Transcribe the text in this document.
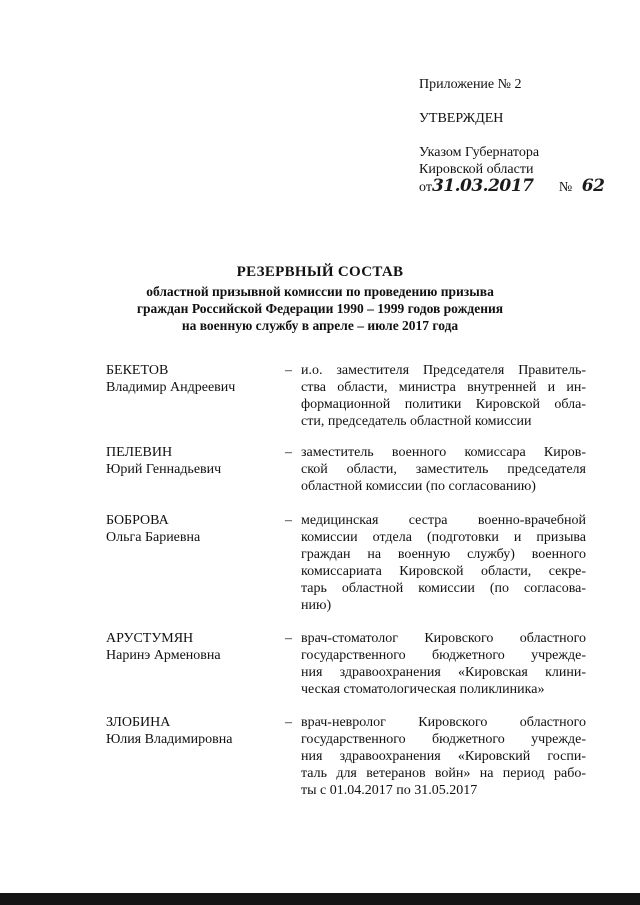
Приложение № 2
УТВЕРЖДЕН
Указом Губернатора
Кировской области
от31.03.2017 № 62
РЕЗЕРВНЫЙ СОСТАВ
областной призывной комиссии по проведению призыва
граждан Российской Федерации 1990 – 1999 годов рождения
на военную службу в апреле – июле 2017 года
БЕКЕТОВ
Владимир Андреевич
– и.о. заместителя Председателя Правитель-
ства области, министра внутренней и ин-
формационной политики Кировской обла-
сти, председатель областной комиссии
ПЕЛЕВИН
Юрий Геннадьевич
– заместитель военного комиссара Киров-
ской области, заместитель председателя
областной комиссии (по согласованию)
БОБРОВА
Ольга Бариевна
– медицинская сестра военно-врачебной
комиссии отдела (подготовки и призыва
граждан на военную службу) военного
комиссариата Кировской области, секре-
тарь областной комиссии (по согласова-
нию)
АРУСТУМЯН
Наринэ Арменовна
– врач-стоматолог Кировского областного
государственного бюджетного учрежде-
ния здравоохранения «Кировская клини-
ческая стоматологическая поликлиника»
ЗЛОБИНА
Юлия Владимировна
– врач-невролог Кировского областного
государственного бюджетного учрежде-
ния здравоохранения «Кировский госпи-
таль для ветеранов войн» на период рабо-
ты с 01.04.2017 по 31.05.2017
